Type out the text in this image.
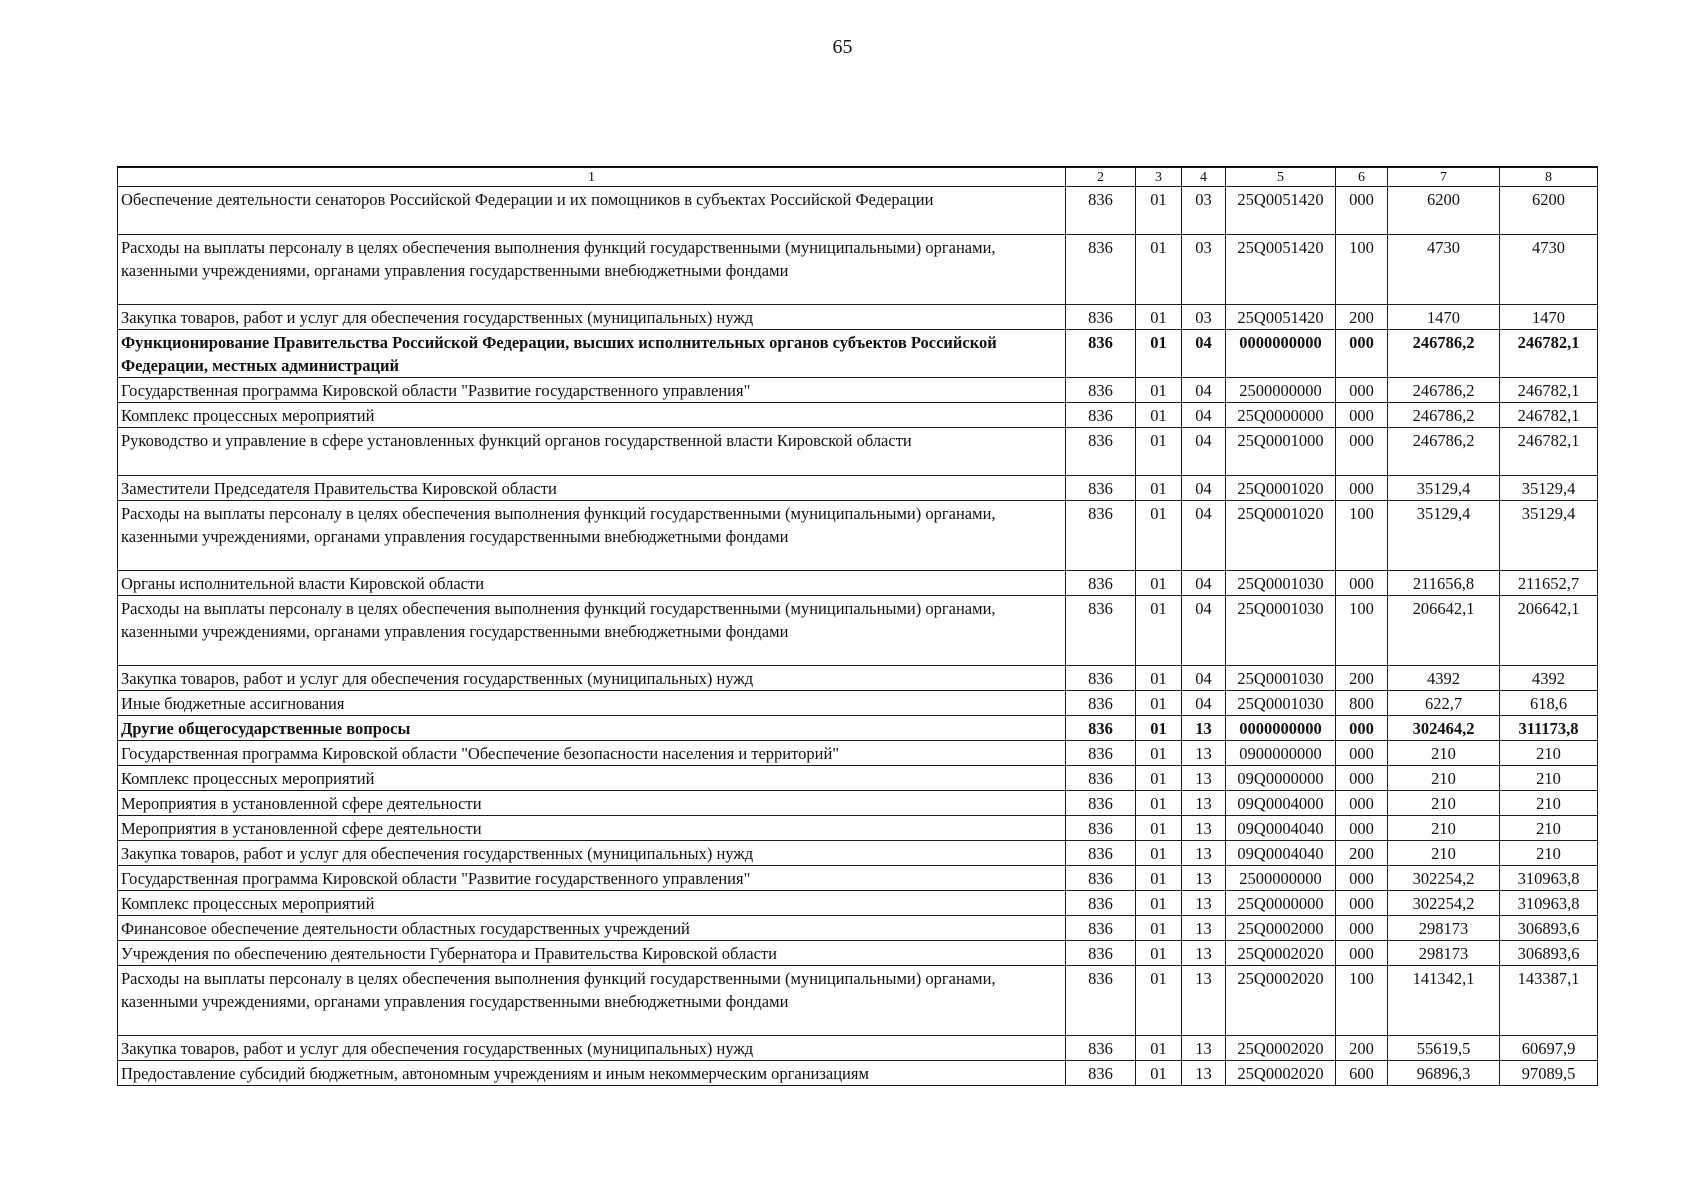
65
1	2	3	4	5	6	7	8
Обеспечение деятельности сенаторов Российской Федерации и их помощников в субъектах Российской Федерации	836	01	03	25Q0051420	000	6200	6200
Расходы на выплаты персоналу в целях обеспечения выполнения функций государственными (муниципальными) органами, казенными учреждениями, органами управления государственными внебюджетными фондами	836	01	03	25Q0051420	100	4730	4730
Закупка товаров, работ и услуг для обеспечения государственных (муниципальных) нужд	836	01	03	25Q0051420	200	1470	1470
Функционирование Правительства Российской Федерации, высших исполнительных органов субъектов Российской Федерации, местных администраций	836	01	04	0000000000	000	246786,2	246782,1
Государственная программа Кировской области "Развитие государственного управления"	836	01	04	2500000000	000	246786,2	246782,1
Комплекс процессных мероприятий	836	01	04	25Q0000000	000	246786,2	246782,1
Руководство и управление в сфере установленных функций органов государственной власти Кировской области	836	01	04	25Q0001000	000	246786,2	246782,1
Заместители Председателя Правительства Кировской области	836	01	04	25Q0001020	000	35129,4	35129,4
Расходы на выплаты персоналу в целях обеспечения выполнения функций государственными (муниципальными) органами, казенными учреждениями, органами управления государственными внебюджетными фондами	836	01	04	25Q0001020	100	35129,4	35129,4
Органы исполнительной власти Кировской области	836	01	04	25Q0001030	000	211656,8	211652,7
Расходы на выплаты персоналу в целях обеспечения выполнения функций государственными (муниципальными) органами, казенными учреждениями, органами управления государственными внебюджетными фондами	836	01	04	25Q0001030	100	206642,1	206642,1
Закупка товаров, работ и услуг для обеспечения государственных (муниципальных) нужд	836	01	04	25Q0001030	200	4392	4392
Иные бюджетные ассигнования	836	01	04	25Q0001030	800	622,7	618,6
Другие общегосударственные вопросы	836	01	13	0000000000	000	302464,2	311173,8
Государственная программа Кировской области "Обеспечение безопасности населения и территорий"	836	01	13	0900000000	000	210	210
Комплекс процессных мероприятий	836	01	13	09Q0000000	000	210	210
Мероприятия в установленной сфере деятельности	836	01	13	09Q0004000	000	210	210
Мероприятия в установленной сфере деятельности	836	01	13	09Q0004040	000	210	210
Закупка товаров, работ и услуг для обеспечения государственных (муниципальных) нужд	836	01	13	09Q0004040	200	210	210
Государственная программа Кировской области "Развитие государственного управления"	836	01	13	2500000000	000	302254,2	310963,8
Комплекс процессных мероприятий	836	01	13	25Q0000000	000	302254,2	310963,8
Финансовое обеспечение деятельности областных государственных учреждений	836	01	13	25Q0002000	000	298173	306893,6
Учреждения по обеспечению деятельности Губернатора и Правительства Кировской области	836	01	13	25Q0002020	000	298173	306893,6
Расходы на выплаты персоналу в целях обеспечения выполнения функций государственными (муниципальными) органами, казенными учреждениями, органами управления государственными внебюджетными фондами	836	01	13	25Q0002020	100	141342,1	143387,1
Закупка товаров, работ и услуг для обеспечения государственных (муниципальных) нужд	836	01	13	25Q0002020	200	55619,5	60697,9
Предоставление субсидий бюджетным, автономным учреждениям и иным некоммерческим организациям	836	01	13	25Q0002020	600	96896,3	97089,5
